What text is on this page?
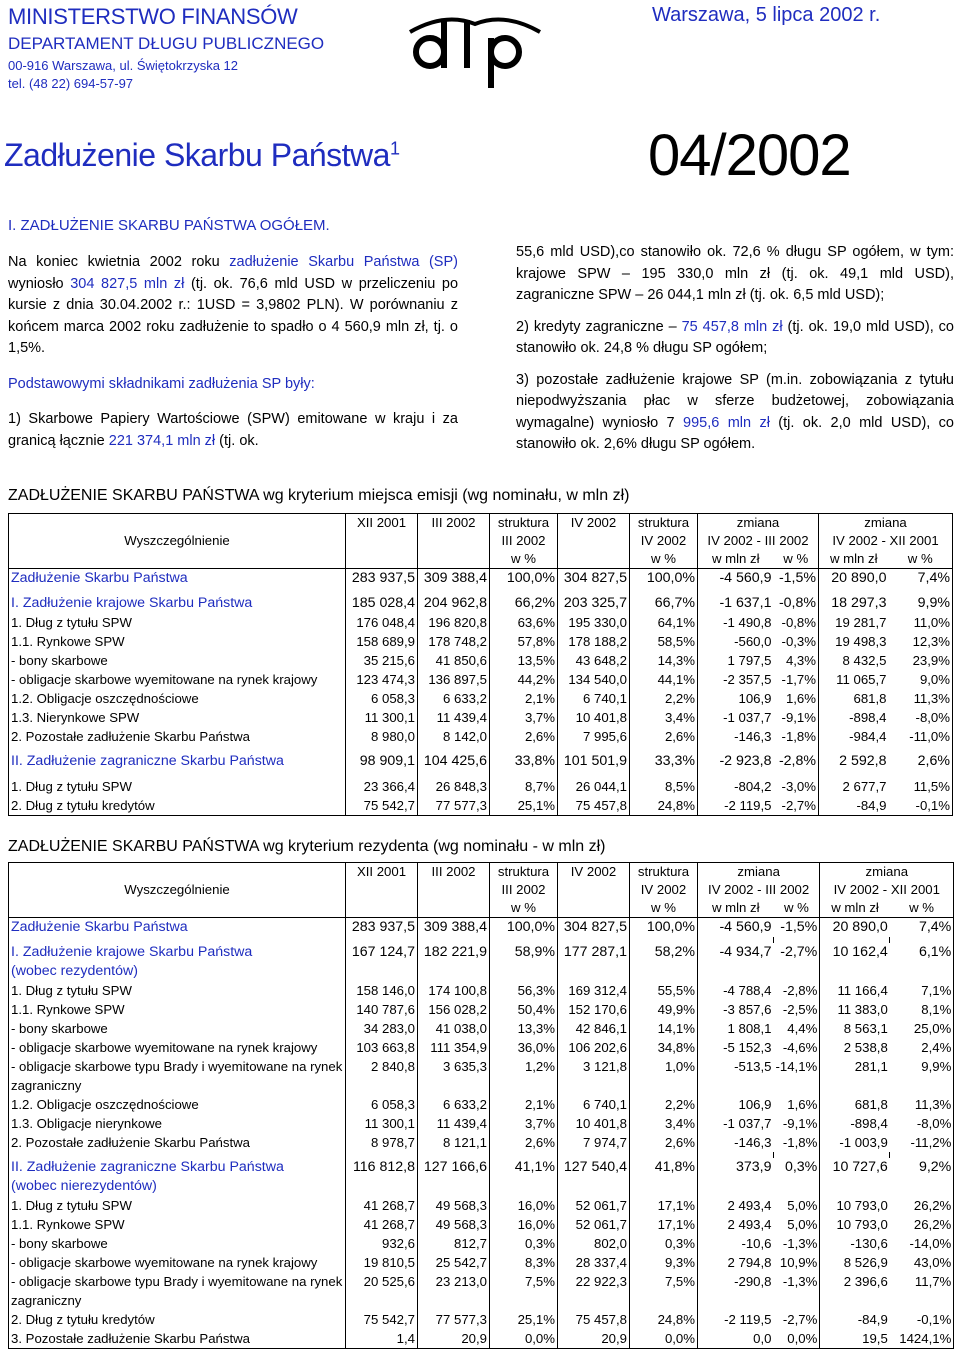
MINISTERSTWO FINANSÓW
DEPARTAMENT DŁUGU PUBLICZNEGO
00-916 Warszawa, ul. Świętokrzyska 12
tel. (48 22) 694-57-97
Warszawa, 5 lipca 2002 r.
Zadłużenie Skarbu Państwa$^1$	04/2002
I. ZADŁUŻENIE SKARBU PAŃSTWA OGÓŁEM.

Na koniec kwietnia 2002 roku zadłużenie Skarbu Państwa (SP) wyniosło 304 827,5 mln zł (tj. ok. 76,6 mld USD w przeliczeniu po kursie z dnia 30.04.2002 r.: 1USD = 3,9802 PLN). W porównaniu z końcem marca 2002 roku zadłużenie to spadło o 4 560,9 mln zł, tj. o 1,5%.

Podstawowymi składnikami zadłużenia SP były:

1) Skarbowe Papiery Wartościowe (SPW) emitowane w kraju i za granicą łącznie 221 374,1 mln zł (tj. ok.

55,6 mld USD),co stanowiło ok. 72,6 % długu SP ogółem, w tym: krajowe SPW – 195 330,0 mln zł (tj. ok. 49,1 mld USD), zagraniczne SPW – 26 044,1 mln zł (tj. ok. 6,5 mld USD);

2) kredyty zagraniczne – 75 457,8 mln zł (tj. ok. 19,0 mld USD), co stanowiło ok. 24,8 % długu SP ogółem;

3) pozostałe zadłużenie krajowe SP (m.in. zobowiązania z tytułu niepodwyższania płac w sferze budżetowej, zobowiązania wymagalne) wyniosło 7 995,6 mln zł (tj. ok. 2,0 mld USD), co stanowiło ok. 2,6% długu SP ogółem.

ZADŁUŻENIE SKARBU PAŃSTWA wg kryterium miejsca emisji (wg nominału, w mln zł)
Wyszczególnienie	XII 2001	III 2002	struktura	IV 2002	struktura	zmiana		zmiana	
			III 2002		IV 2002	IV 2002 - III 2002		IV 2002 - XII 2001	
			w %		w %	w mln zł	w %	w mln zł	w %
Zadłużenie Skarbu Państwa	283 937,5	309 388,4	100,0%	304 827,5	100,0%	-4 560,9	-1,5%	20 890,0	7,4%

I. Zadłużenie krajowe Skarbu Państwa	185 028,4	204 962,8	66,2%	203 325,7	66,7%	-1 637,1	-0,8%	18 297,3	9,9%
1. Dług z tytułu SPW	176 048,4	196 820,8	63,6%	195 330,0	64,1%	-1 490,8	-0,8%	19 281,7	11,0%
1.1. Rynkowe SPW	158 689,9	178 748,2	57,8%	178 188,2	58,5%	-560,0	-0,3%	19 498,3	12,3%
- bony skarbowe	35 215,6	41 850,6	13,5%	43 648,2	14,3%	1 797,5	4,3%	8 432,5	23,9%
- obligacje skarbowe wyemitowane na rynek krajowy	123 474,3	136 897,5	44,2%	134 540,0	44,1%	-2 357,5	-1,7%	11 065,7	9,0%
1.2. Obligacje oszczędnościowe	6 058,3	6 633,2	2,1%	6 740,1	2,2%	106,9	1,6%	681,8	11,3%
1.3. Nierynkowe SPW	11 300,1	11 439,4	3,7%	10 401,8	3,4%	-1 037,7	-9,1%	-898,4	-8,0%
2. Pozostałe zadłużenie Skarbu Państwa	8 980,0	8 142,0	2,6%	7 995,6	2,6%	-146,3	-1,8%	-984,4	-11,0%

II. Zadłużenie zagraniczne Skarbu Państwa	98 909,1	104 425,6	33,8%	101 501,9	33,3%	-2 923,8	-2,8%	2 592,8	2,6%

1. Dług z tytułu SPW	23 366,4	26 848,3	8,7%	26 044,1	8,5%	-804,2	-3,0%	2 677,7	11,5%
2. Dług z tytułu kredytów	75 542,7	77 577,3	25,1%	75 457,8	24,8%	-2 119,5	-2,7%	-84,9	-0,1%
ZADŁUŻENIE SKARBU PAŃSTWA wg kryterium rezydenta (wg nominału - w mln zł)
Wyszczególnienie	XII 2001	III 2002	struktura	IV 2002	struktura	zmiana		zmiana	
			III 2002		IV 2002	IV 2002 - III 2002		IV 2002 - XII 2001	
			w %		w %	w mln zł	w %	w mln zł	w %
Zadłużenie Skarbu Państwa	283 937,5	309 388,4	100,0%	304 827,5	100,0%	-4 560,9	-1,5%	20 890,0	7,4%

I. Zadłużenie krajowe Skarbu Państwa	167 124,7	182 221,9	58,9%	177 287,1	58,2%	-4 934,7	-2,7%	10 162,4	6,1%
(wobec rezydentów)									
1. Dług z tytułu SPW	158 146,0	174 100,8	56,3%	169 312,4	55,5%	-4 788,4	-2,8%	11 166,4	7,1%
1.1. Rynkowe SPW	140 787,6	156 028,2	50,4%	152 170,6	49,9%	-3 857,6	-2,5%	11 383,0	8,1%
- bony skarbowe	34 283,0	41 038,0	13,3%	42 846,1	14,1%	1 808,1	4,4%	8 563,1	25,0%
- obligacje skarbowe wyemitowane na rynek krajowy	103 663,8	111 354,9	36,0%	106 202,6	34,8%	-5 152,3	-4,6%	2 538,8	2,4%
- obligacje skarbowe typu Brady i wyemitowane na rynek	2 840,8	3 635,3	1,2%	3 121,8	1,0%	-513,5	-14,1%	281,1	9,9%
zagraniczny									
1.2. Obligacje oszczędnościowe	6 058,3	6 633,2	2,1%	6 740,1	2,2%	106,9	1,6%	681,8	11,3%
1.3. Obligacje nierynkowe	11 300,1	11 439,4	3,7%	10 401,8	3,4%	-1 037,7	-9,1%	-898,4	-8,0%
2. Pozostałe zadłużenie Skarbu Państwa	8 978,7	8 121,1	2,6%	7 974,7	2,6%	-146,3	-1,8%	-1 003,9	-11,2%

II. Zadłużenie zagraniczne Skarbu Państwa	116 812,8	127 166,6	41,1%	127 540,4	41,8%	373,9	0,3%	10 727,6	9,2%
(wobec nierezydentów)									
1. Dług z tytułu SPW	41 268,7	49 568,3	16,0%	52 061,7	17,1%	2 493,4	5,0%	10 793,0	26,2%
1.1. Rynkowe SPW	41 268,7	49 568,3	16,0%	52 061,7	17,1%	2 493,4	5,0%	10 793,0	26,2%
- bony skarbowe	932,6	812,7	0,3%	802,0	0,3%	-10,6	-1,3%	-130,6	-14,0%
- obligacje skarbowe wyemitowane na rynek krajowy	19 810,5	25 542,7	8,3%	28 337,4	9,3%	2 794,8	10,9%	8 526,9	43,0%
- obligacje skarbowe typu Brady i wyemitowane na rynek	20 525,6	23 213,0	7,5%	22 922,3	7,5%	-290,8	-1,3%	2 396,6	11,7%
zagraniczny									
2. Dług z tytułu kredytów	75 542,7	77 577,3	25,1%	75 457,8	24,8%	-2 119,5	-2,7%	-84,9	-0,1%
3. Pozostałe zadłużenie Skarbu Państwa	1,4	20,9	0,0%	20,9	0,0%	0,0	0,0%	19,5	1424,1%
